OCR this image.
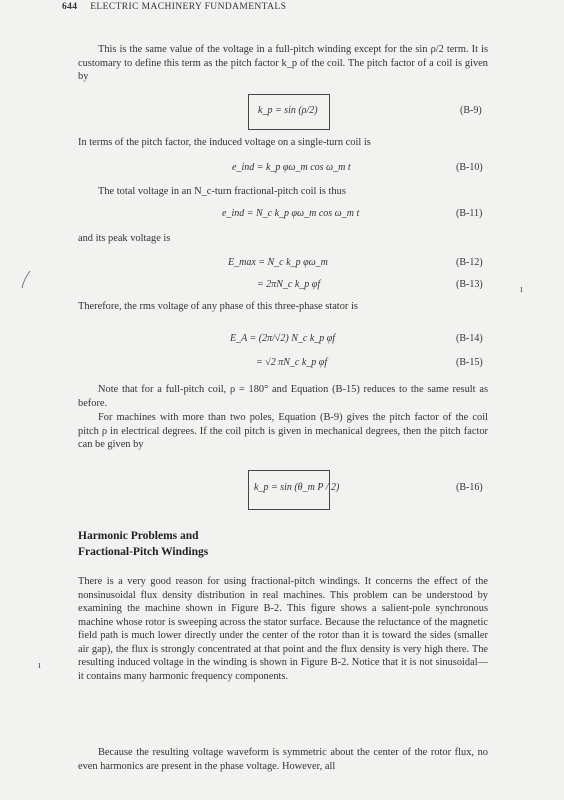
644 ELECTRIC MACHINERY FUNDAMENTALS
This is the same value of the voltage in a full-pitch winding except for the sin ρ/2 term. It is customary to define this term as the pitch factor k_p of the coil. The pitch factor of a coil is given by
k_p = sin (ρ/2)	(B-9)
In terms of the pitch factor, the induced voltage on a single-turn coil is
e_ind = k_p φω_m cos ω_m t	(B-10)
The total voltage in an N_c-turn fractional-pitch coil is thus
e_ind = N_c k_p φω_m cos ω_m t	(B-11)
and its peak voltage is
E_max = N_c k_p φω_m	(B-12)
= 2πN_c k_p φf	(B-13)
Therefore, the rms voltage of any phase of this three-phase stator is
E_A = (2π/√2) N_c k_p φf	(B-14)
= √2 πN_c k_p φf	(B-15)
Note that for a full-pitch coil, ρ = 180° and Equation (B-15) reduces to the same result as before.
For machines with more than two poles, Equation (B-9) gives the pitch factor of the coil pitch ρ in electrical degrees. If the coil pitch is given in mechanical degrees, then the pitch factor can be given by
k_p = sin (θ_m P / 2)	(B-16)
Harmonic Problems and
Fractional-Pitch Windings
There is a very good reason for using fractional-pitch windings. It concerns the effect of the nonsinusoidal flux density distribution in real machines. This problem can be understood by examining the machine shown in Figure B-2. This figure shows a salient-pole synchronous machine whose rotor is sweeping across the stator surface. Because the reluctance of the magnetic field path is much lower directly under the center of the rotor than it is toward the sides (smaller air gap), the flux is strongly concentrated at that point and the flux density is very high there. The resulting induced voltage in the winding is shown in Figure B-2. Notice that it is not sinusoidal—it contains many harmonic frequency components.
Because the resulting voltage waveform is symmetric about the center of the rotor flux, no even harmonics are present in the phase voltage. However, all
ı
ı
